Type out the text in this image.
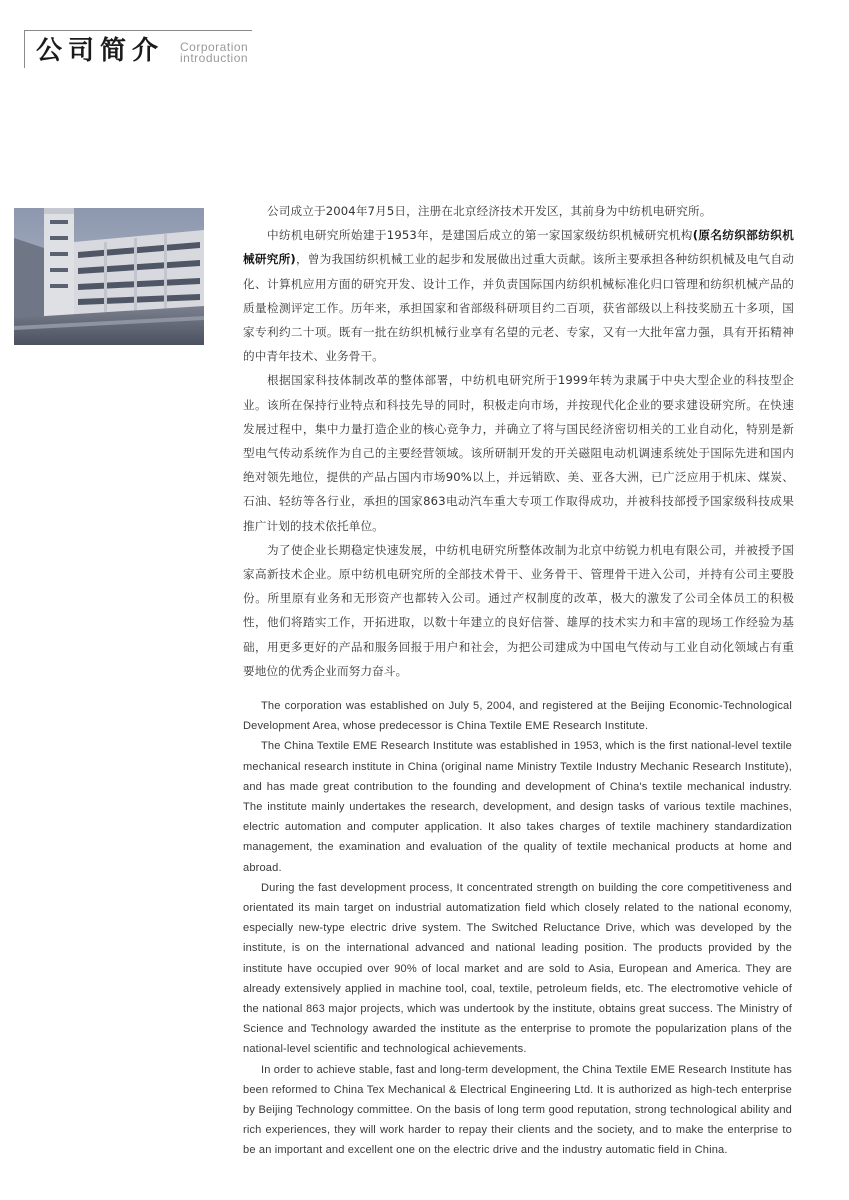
公司简介 Corporation
introduction

公司成立于2004年7月5日，注册在北京经济技术开发区，其前身为中纺机电研究所。

中纺机电研究所始建于1953年，是建国后成立的第一家国家级纺织机械研究机构(原名纺织部纺织机械研究所)，曾为我国纺织机械工业的起步和发展做出过重大贡献。该所主要承担各种纺织机械及电气自动化、计算机应用方面的研究开发、设计工作，并负责国际国内纺织机械标准化归口管理和纺织机械产品的质量检测评定工作。历年来，承担国家和省部级科研项目约二百项，获省部级以上科技奖励五十多项，国家专利约二十项。既有一批在纺织机械行业享有名望的元老、专家，又有一大批年富力强，具有开拓精神的中青年技术、业务骨干。

根据国家科技体制改革的整体部署，中纺机电研究所于1999年转为隶属于中央大型企业的科技型企业。该所在保持行业特点和科技先导的同时，积极走向市场，并按现代化企业的要求建设研究所。在快速发展过程中，集中力量打造企业的核心竞争力，并确立了将与国民经济密切相关的工业自动化，特别是新型电气传动系统作为自己的主要经营领域。该所研制开发的开关磁阻电动机调速系统处于国际先进和国内绝对领先地位，提供的产品占国内市场90%以上，并远销欧、美、亚各大洲，已广泛应用于机床、煤炭、石油、轻纺等各行业，承担的国家863电动汽车重大专项工作取得成功，并被科技部授予国家级科技成果推广计划的技术依托单位。

为了使企业长期稳定快速发展，中纺机电研究所整体改制为北京中纺锐力机电有限公司，并被授予国家高新技术企业。原中纺机电研究所的全部技术骨干、业务骨干、管理骨干进入公司，并持有公司主要股份。所里原有业务和无形资产也都转入公司。通过产权制度的改革，极大的激发了公司全体员工的积极性，他们将踏实工作，开拓进取，以数十年建立的良好信誉、雄厚的技术实力和丰富的现场工作经验为基础，用更多更好的产品和服务回报于用户和社会，为把公司建成为中国电气传动与工业自动化领域占有重要地位的优秀企业而努力奋斗。

The corporation was established on July 5, 2004, and registered at the Beijing Economic-Technological Development Area, whose predecessor is China Textile EME Research Institute.

The China Textile EME Research Institute was established in 1953, which is the first national-level textile mechanical research institute in China (original name Ministry Textile Industry Mechanic Research Institute), and has made great contribution to the founding and development of China's textile mechanical industry. The institute mainly undertakes the research, development, and design tasks of various textile machines, electric automation and computer application. It also takes charges of textile machinery standardization management, the examination and evaluation of the quality of textile mechanical products at home and abroad.

During the fast development process, It concentrated strength on building the core competitiveness and orientated its main target on industrial automatization field which closely related to the national economy, especially new-type electric drive system. The Switched Reluctance Drive, which was developed by the institute, is on the international advanced and national leading position. The products provided by the institute have occupied over 90% of local market and are sold to Asia, European and America. They are already extensively applied in machine tool, coal, textile, petroleum fields, etc. The electromotive vehicle of the national 863 major projects, which was undertook by the institute, obtains great success. The Ministry of Science and Technology awarded the institute as the enterprise to promote the popularization plans of the national-level scientific and technological achievements.

In order to achieve stable, fast and long-term development, the China Textile EME Research Institute has been reformed to China Tex Mechanical & Electrical Engineering Ltd. It is authorized as high-tech enterprise by Beijing Technology committee. On the basis of long term good reputation, strong technological ability and rich experiences, they will work harder to repay their clients and the society, and to make the enterprise to be an important and excellent one on the electric drive and the industry automatic field in China.
